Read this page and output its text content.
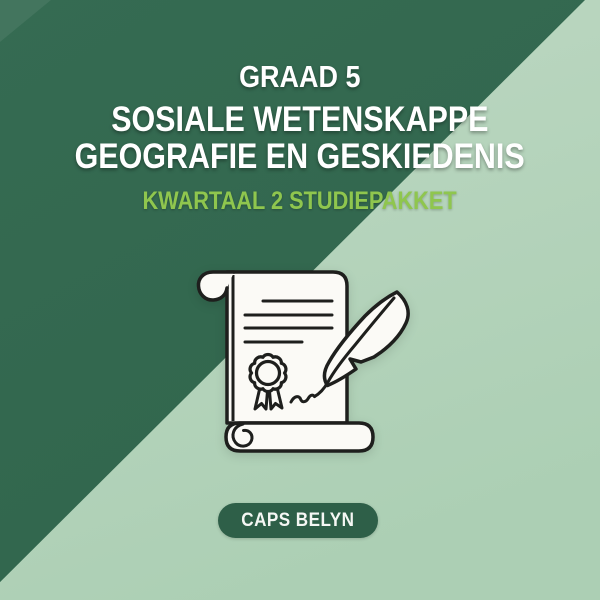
GRAAD 5
SOSIALE WETENSKAPPE
GEOGRAFIE EN GESKIEDENIS
KWARTAAL 2 STUDIEPAKKET
CAPS BELYN
